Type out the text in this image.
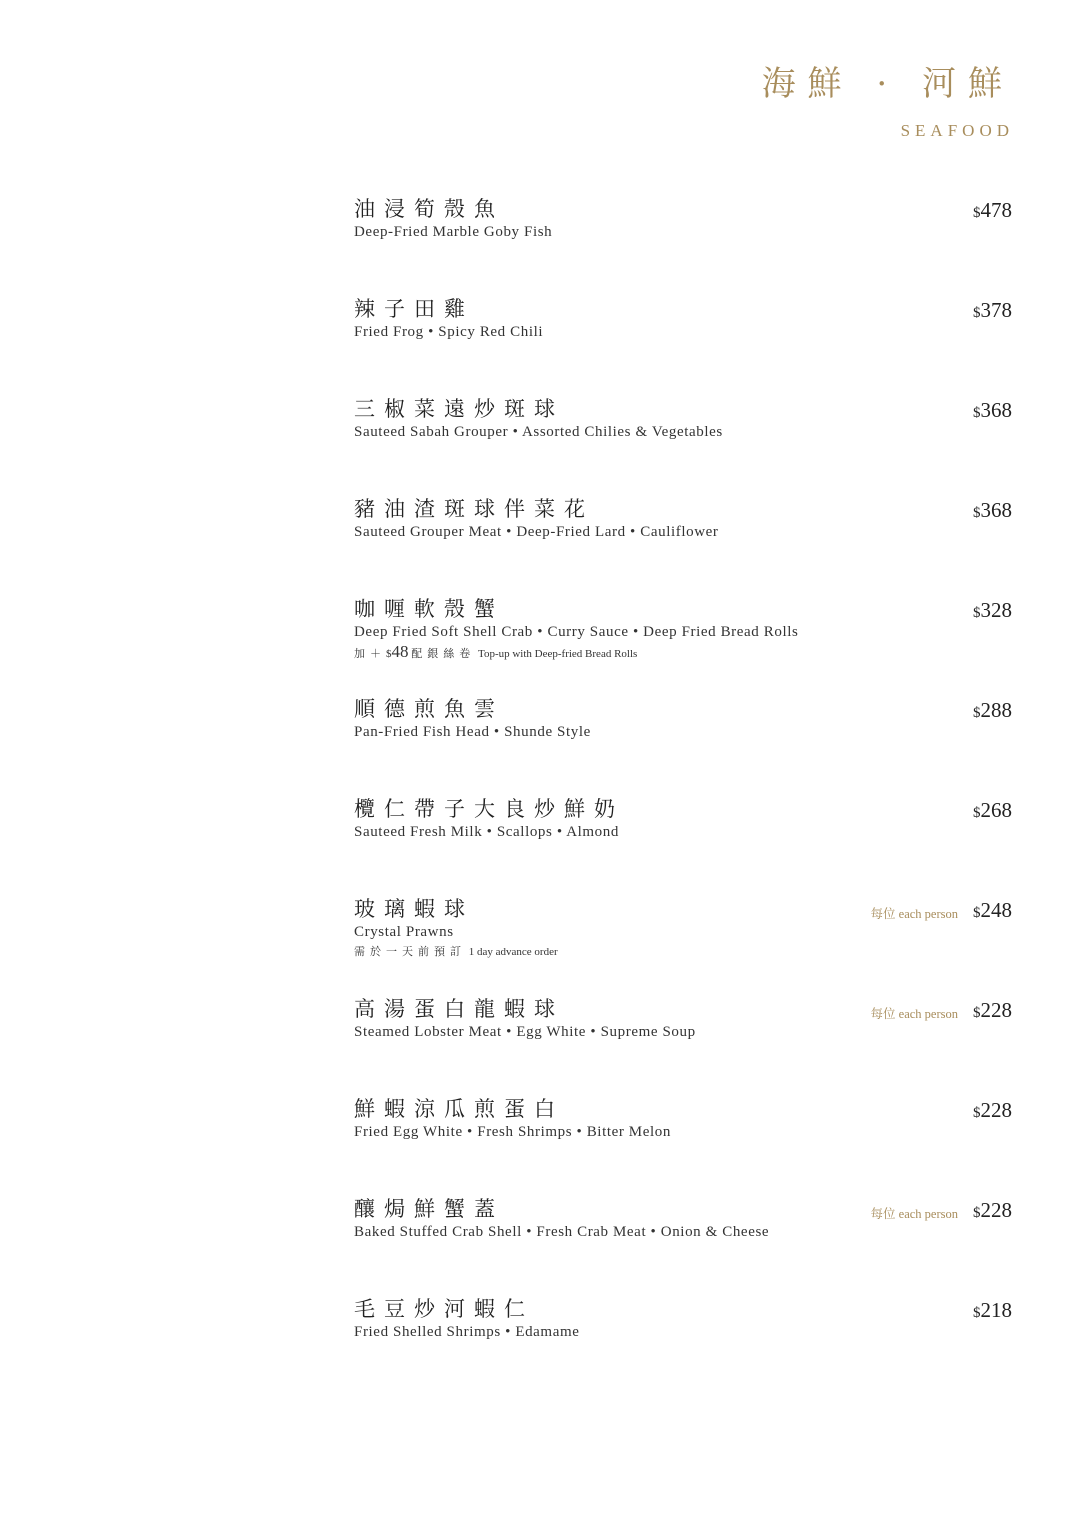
海鮮 · 河鮮
SEAFOOD
油浸筍殼魚
Deep-Fried Marble Goby Fish
$478
辣子田雞
Fried Frog • Spicy Red Chili
$378
三椒菜遠炒斑球
Sauteed Sabah Grouper • Assorted Chilies & Vegetables
$368
豬油渣斑球伴菜花
Sauteed Grouper Meat • Deep-Fried Lard • Cauliflower
$368
咖喱軟殼蟹
Deep Fried Soft Shell Crab • Curry Sauce • Deep Fried Bread Rolls
加＋$48 配銀絲卷 Top-up with Deep-fried Bread Rolls
$328
順德煎魚雲
Pan-Fried Fish Head • Shunde Style
$288
欖仁帶子大良炒鮮奶
Sauteed Fresh Milk • Scallops • Almond
$268
玻璃蝦球
Crystal Prawns
需於一天前預訂 1 day advance order
每位 each person $248
高湯蛋白龍蝦球
Steamed Lobster Meat • Egg White • Supreme Soup
每位 each person $228
鮮蝦涼瓜煎蛋白
Fried Egg White • Fresh Shrimps • Bitter Melon
$228
釀焗鮮蟹蓋
Baked Stuffed Crab Shell • Fresh Crab Meat • Onion & Cheese
每位 each person $228
毛豆炒河蝦仁
Fried Shelled Shrimps • Edamame
$218
